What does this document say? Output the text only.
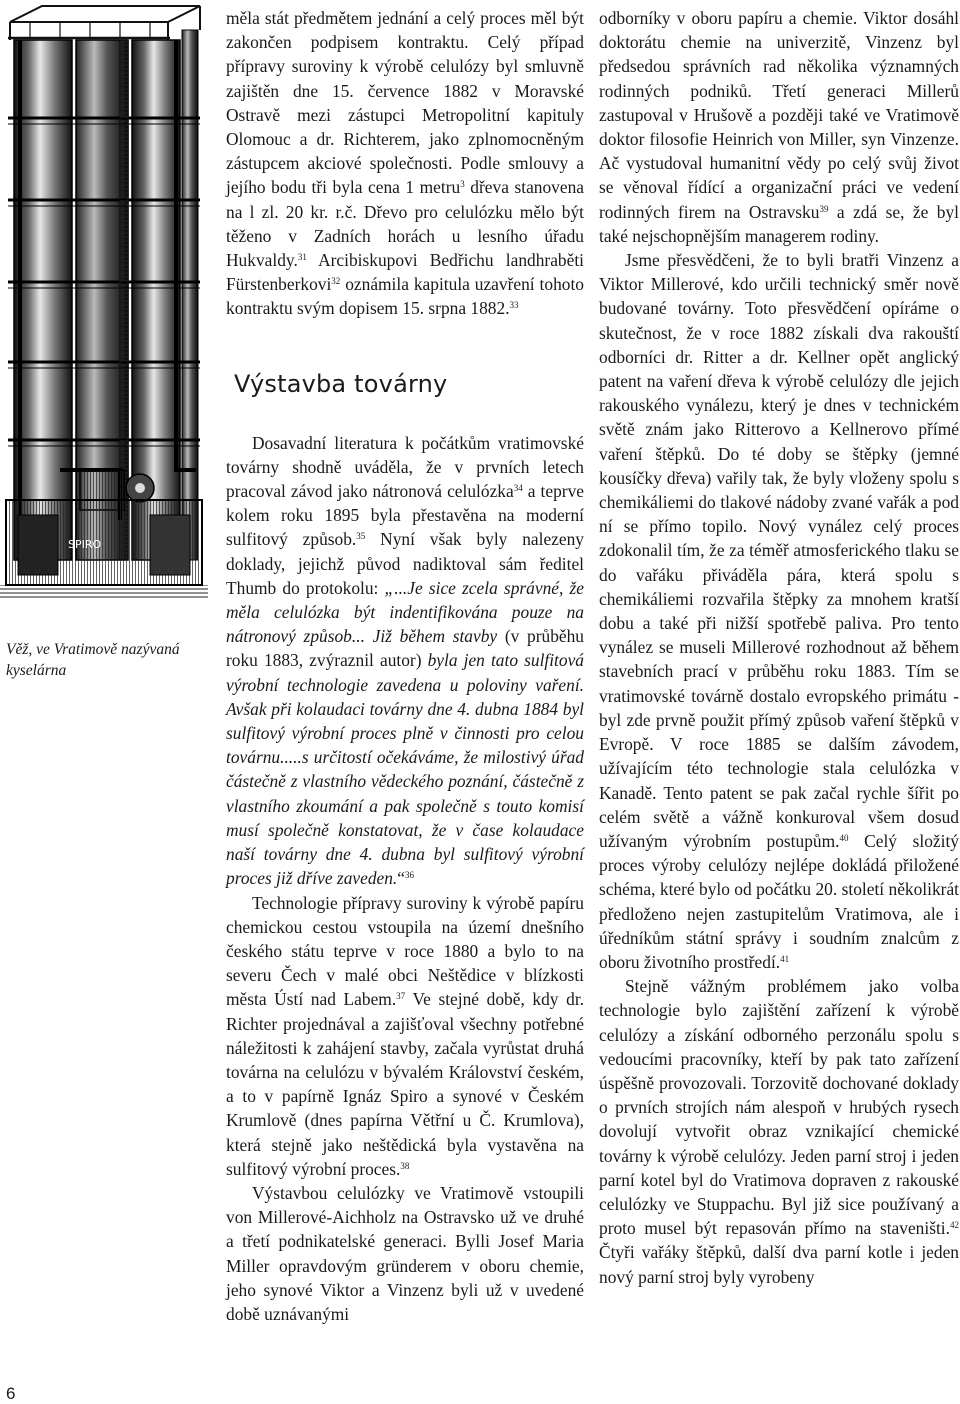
SPIRO
Věž, ve Vratimově nazývaná kyselárna
6

měla stát předmětem jednání a celý proces měl být zakončen podpisem kontraktu. Celý případ přípravy suroviny k výrobě celulózy byl smluvně zajištěn dne 15. července 1882 v Moravské Ostravě mezi zástupci Metropolitní kapituly Olomouc a dr. Richterem, jako zplnomocněným zástupcem akciové společnosti. Podle smlouvy a jejího bodu tři byla cena 1 metru$^3$ dřeva stanovena na l zl. 20 kr. r.č. Dřevo pro celulózku mělo být těženo v Zadních horách u lesního úřadu Hukvaldy.$^{31}$ Arcibiskupovi Bedřichu landhraběti Fürstenberkovi$^{32}$ oznámila kapitula uzavření tohoto kontraktu svým dopisem 15. srpna 1882.33

Výstavba továrny

Dosavadní literatura k počátkům vratimovské továrny shodně uváděla, že v prvních letech pracoval závod jako nátronová celulózka$^{34}$ a teprve kolem roku 1895 byla přestavěna na moderní sulfitový způsob.$^{35}$ Nyní však byly nalezeny doklady, jejichž původ nadiktoval sám ředitel Thumb do protokolu: „...Je sice zcela správné, že měla celulózka být indentifikována pouze na nátronový způsob... Již během stavby (v průběhu roku 1883, zvýraznil autor) byla jen tato sulfitová výrobní technologie zavedena u poloviny vaření. Avšak při kolaudaci továrny dne 4. dubna 1884 byl sulfitový výrobní proces plně v činnosti pro celou továrnu.....s určitostí očekáváme, že milostivý úřad částečně z vlastního vědeckého poznání, částečně z vlastního zkoumání a pak společně s touto komisí musí společně konstatovat, že v čase kolaudace naší továrny dne 4. dubna byl sulfitový výrobní proces již dříve zaveden.“$^{36}$

Technologie přípravy suroviny k výrobě papíru chemickou cestou vstoupila na území dnešního českého státu teprve v roce 1880 a bylo to na severu Čech v malé obci Neštědice v blízkosti města Ústí nad Labem.$^{37}$ Ve stejné době, kdy dr. Richter projednával a zajišťoval všechny potřebné náležitosti k zahájení stavby, začala vyrůstat druhá továrna na celulózu v bývalém Království českém, a to v papírně Ignáz Spiro a synové v Českém Krumlově (dnes papírna Větřní u Č. Krumlova), která stejně jako neštědická byla vystavěna na sulfitový výrobní proces.$^{38}$

Výstavbou celulózky ve Vratimově vstoupili von Millerové-Aichholz na Ostravsko už ve druhé a třetí podnikatelské generaci. Bylli Josef Maria Miller opravdovým gründerem v oboru chemie, jeho synové Viktor a Vinzenz byli už v uvedené době uznávanými

odborníky v oboru papíru a chemie. Viktor dosáhl doktorátu chemie na univerzitě, Vinzenz byl předsedou správních rad několika významných rodinných podniků. Třetí generaci Millerů zastupoval v Hrušově a později také ve Vratimově doktor filosofie Heinrich von Miller, syn Vinzenze. Ač vystudoval humanitní vědy po celý svůj život se věnoval řídící a organizační práci ve vedení rodinných firem na Ostravsku$^{39}$ a zdá se, že byl také nejschopnějším managerem rodiny.

Jsme přesvědčeni, že to byli bratři Vinzenz a Viktor Millerové, kdo určili technický směr nově budované továrny. Toto přesvědčení opíráme o skutečnost, že v roce 1882 získali dva rakouští odborníci dr. Ritter a dr. Kellner opět anglický patent na vaření dřeva k výrobě celulózy dle jejich rakouského vynálezu, který je dnes v technickém světě znám jako Ritterovo a Kellnerovo přímé vaření štěpků. Do té doby se štěpky (jemné kousíčky dřeva) vařily tak, že byly vloženy spolu s chemikáliemi do tlakové nádoby zvané vařák a pod ní se přímo topilo. Nový vynález celý proces zdokonalil tím, že za téměř atmosferického tlaku se do vařáku přiváděla pára, která spolu s chemikáliemi rozvařila štěpky za mnohem kratší dobu a také při nižší spotřebě paliva. Pro tento vynález se museli Millerové rozhodnout až během stavebních prací v průběhu roku 1883. Tím se vratimovské továrně dostalo evropského primátu - byl zde prvně použit přímý způsob vaření štěpků v Evropě. V roce 1885 se dalším závodem, užívajícím této technologie stala celulózka v Kanadě. Tento patent se pak začal rychle šířit po celém světě a vážně konkuroval všem dosud užívaným výrobním postupům.$^{40}$ Celý složitý proces výroby celulózy nejlépe dokládá přiložené schéma, které bylo od počátku 20. století několikrát předloženo nejen zastupitelům Vratimova, ale i úředníkům státní správy i soudním znalcům z oboru životního prostředí.$^{41}$

Stejně vážným problémem jako volba technologie bylo zajištění zařízení k výrobě celulózy a získání odborného perzonálu spolu s vedoucími pracovníky, kteří by pak tato zařízení úspěšně provozovali. Torzovitě dochované doklady o prvních strojích nám alespoň v hrubých rysech dovolují vytvořit obraz vznikající chemické továrny k výrobě celulózy. Jeden parní stroj i jeden parní kotel byl do Vratimova dopraven z rakouské celulózky ve Stuppachu. Byl již sice používaný a proto musel být repasován přímo na staveništi.$^{42}$ Čtyři vařáky štěpků, další dva parní kotle i jeden nový parní stroj byly vyrobeny
